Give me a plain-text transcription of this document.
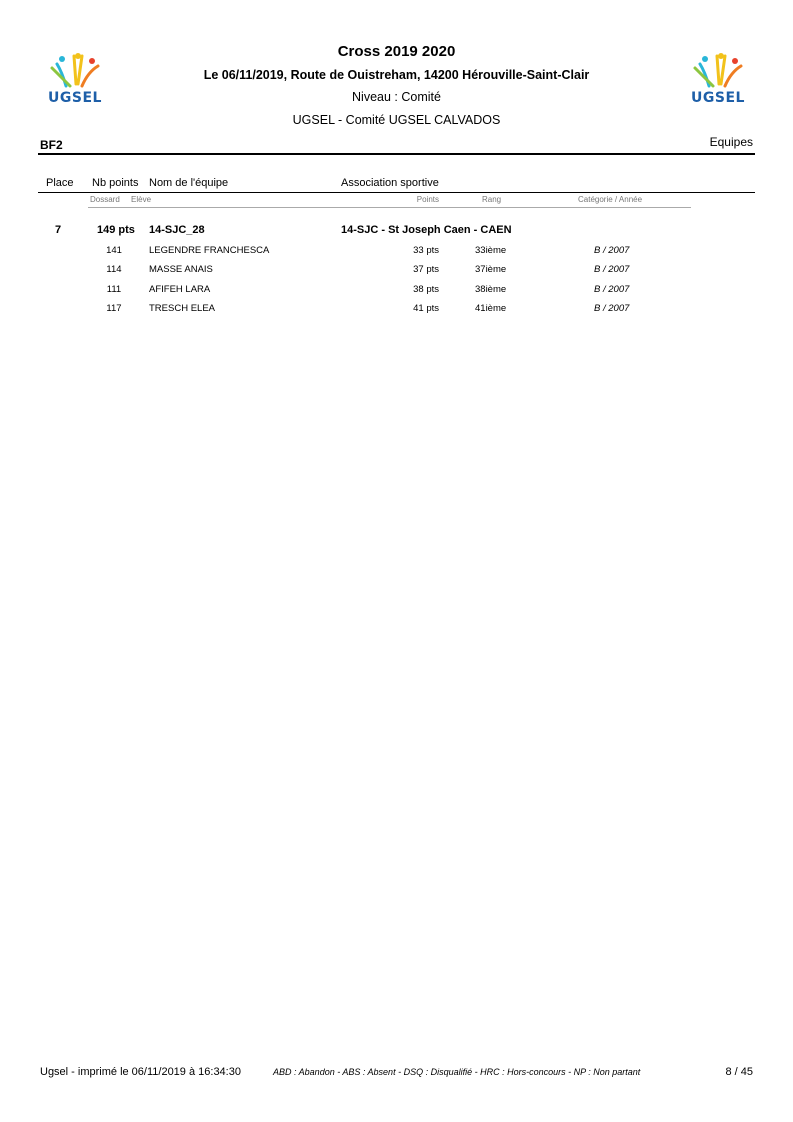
UGSEL	UGSEL
Cross 2019 2020
Le 06/11/2019, Route de Ouistreham, 14200 Hérouville-Saint-Clair
Niveau : Comité
UGSEL - Comité UGSEL CALVADOS
BF2	Equipes
Place Nb points Nom de l'équipe	Association sportive
Dossard Elève	Points	Rang	Catégorie / Année
7	149 pts 14-SJC_28	14-SJC - St Joseph Caen - CAEN
141	LEGENDRE FRANCHESCA	33 pts	33ième	B / 2007
114	MASSE ANAIS	37 pts	37ième	B / 2007
111	AFIFEH LARA	38 pts	38ième	B / 2007
117	TRESCH ELEA	41 pts	41ième	B / 2007
Ugsel - imprimé le 06/11/2019 à 16:34:30	ABD : Abandon - ABS : Absent - DSQ : Disqualifié - HRC : Hors-concours - NP : Non partant	8 / 45
